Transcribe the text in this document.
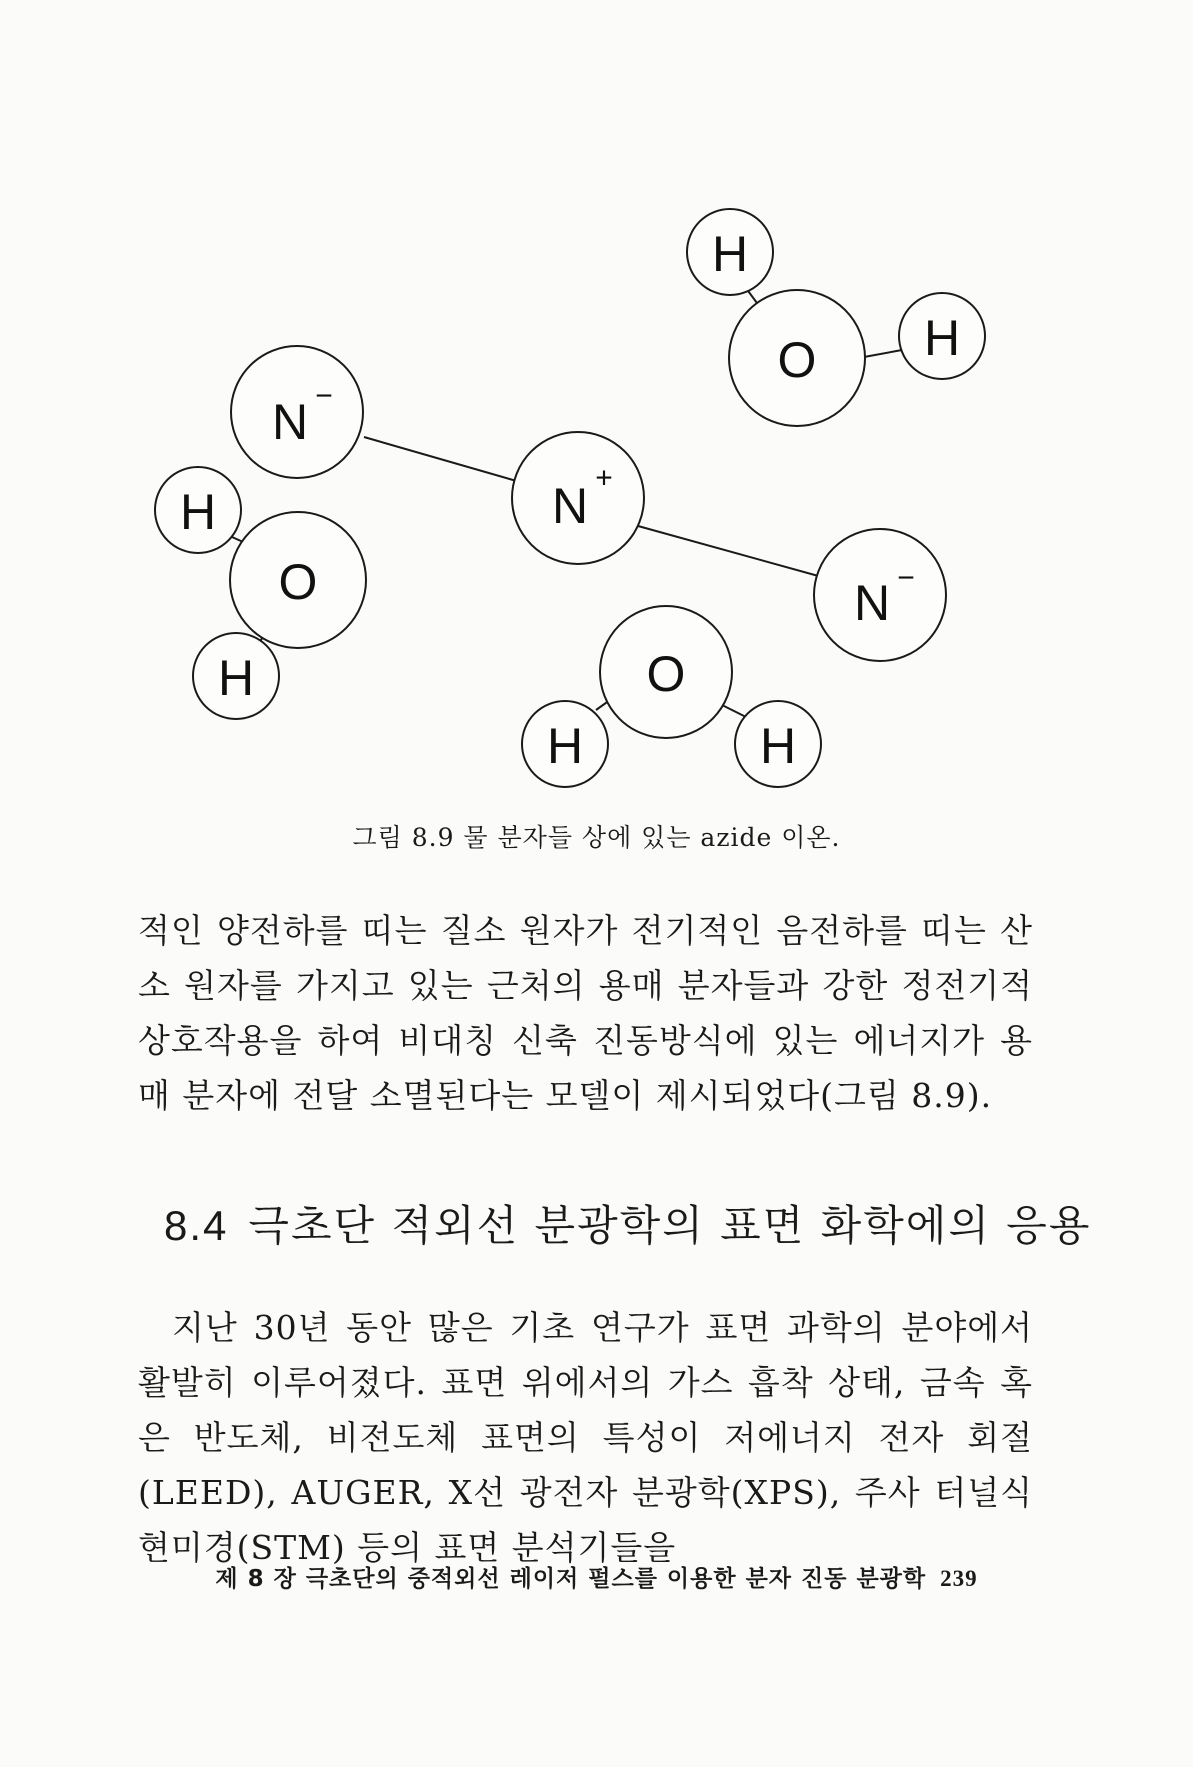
H
O H
N −
N +
N −
H
O
H	O
H	H
그림 8.9 물 분자들 상에 있는 azide 이온.

적인 양전하를 띠는 질소 원자가 전기적인 음전하를 띠는 산소 원자를 가지고 있는 근처의 용매 분자들과 강한 정전기적 상호작용을 하여 비대칭 신축 진동방식에 있는 에너지가 용매 분자에 전달 소멸된다는 모델이 제시되었다(그림 8.9).

8.4 극초단 적외선 분광학의 표면 화학에의 응용

지난 30년 동안 많은 기초 연구가 표면 과학의 분야에서 활발히 이루어졌다. 표면 위에서의 가스 흡착 상태, 금속 혹은 반도체, 비전도체 표면의 특성이 저에너지 전자 회절(LEED), AUGER, X선 광전자 분광학(XPS), 주사 터널식 현미경(STM) 등의 표면 분석기들을

제 8 장 극초단의 중적외선 레이저 펄스를 이용한 분자 진동 분광학 239
